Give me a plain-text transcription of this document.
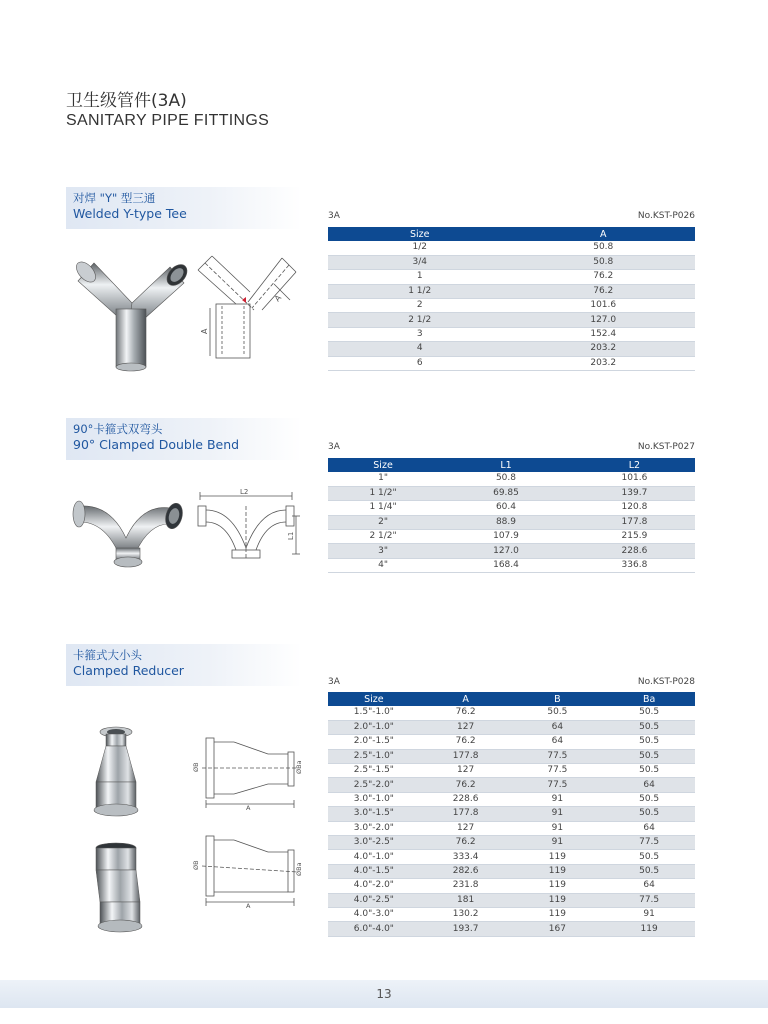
卫生级管件(3A)
SANITARY PIPE FITTINGS
对焊 "Y" 型三通
Welded Y-type Tee
A
A
3A	No.KST-P026
Size	A
1/2	50.8
3/4	50.8
1	76.2
1 1/2	76.2
2	101.6
2 1/2	127.0
3	152.4
4	203.2
6	203.2
90°卡箍式双弯头
90° Clamped Double Bend
L2
L1
3A	No.KST-P027
Size	L1	L2
1"	50.8	101.6
1 1/2"	69.85	139.7
1 1/4"	60.4	120.8
2"	88.9	177.8
2 1/2"	107.9	215.9
3"	127.0	228.6
4"	168.4	336.8
卡箍式大小头
Clamped Reducer
ØB	ØBa
A
ØB	ØBa
A
3A	No.KST-P028
Size	A	B	Ba
1.5"-1.0"	76.2	50.5	50.5
2.0"-1.0"	127	64	50.5
2.0"-1.5"	76.2	64	50.5
2.5"-1.0"	177.8	77.5	50.5
2.5"-1.5"	127	77.5	50.5
2.5"-2.0"	76.2	77.5	64
3.0"-1.0"	228.6	91	50.5
3.0"-1.5"	177.8	91	50.5
3.0"-2.0"	127	91	64
3.0"-2.5"	76.2	91	77.5
4.0"-1.0"	333.4	119	50.5
4.0"-1.5"	282.6	119	50.5
4.0"-2.0"	231.8	119	64
4.0"-2.5"	181	119	77.5
4.0"-3.0"	130.2	119	91
6.0"-4.0"	193.7	167	119
13
